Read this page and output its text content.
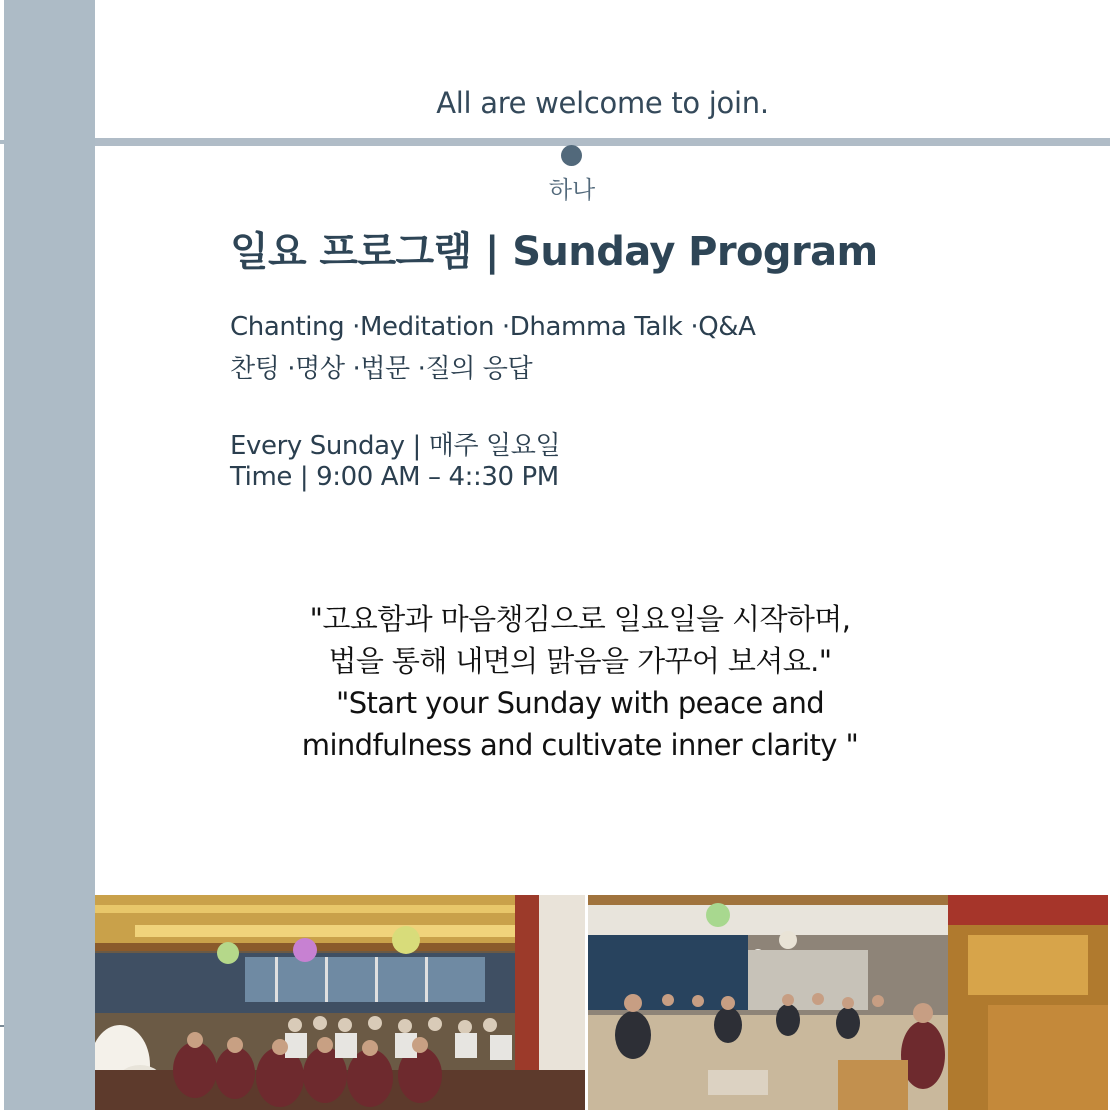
All are welcome to join.
하나
일요 프로그램 | Sunday Program
Chanting ·Meditation ·Dhamma Talk ·Q&A
찬팅 ·명상 ·법문 ·질의 응답
Every Sunday | 매주 일요일
Time | 9:00 AM – 4::30 PM
"고요함과 마음챙김으로 일요일을 시작하며,
법을 통해 내면의 맑음을 가꾸어 보셔요."
"Start your Sunday with peace and
mindfulness and cultivate inner clarity "
